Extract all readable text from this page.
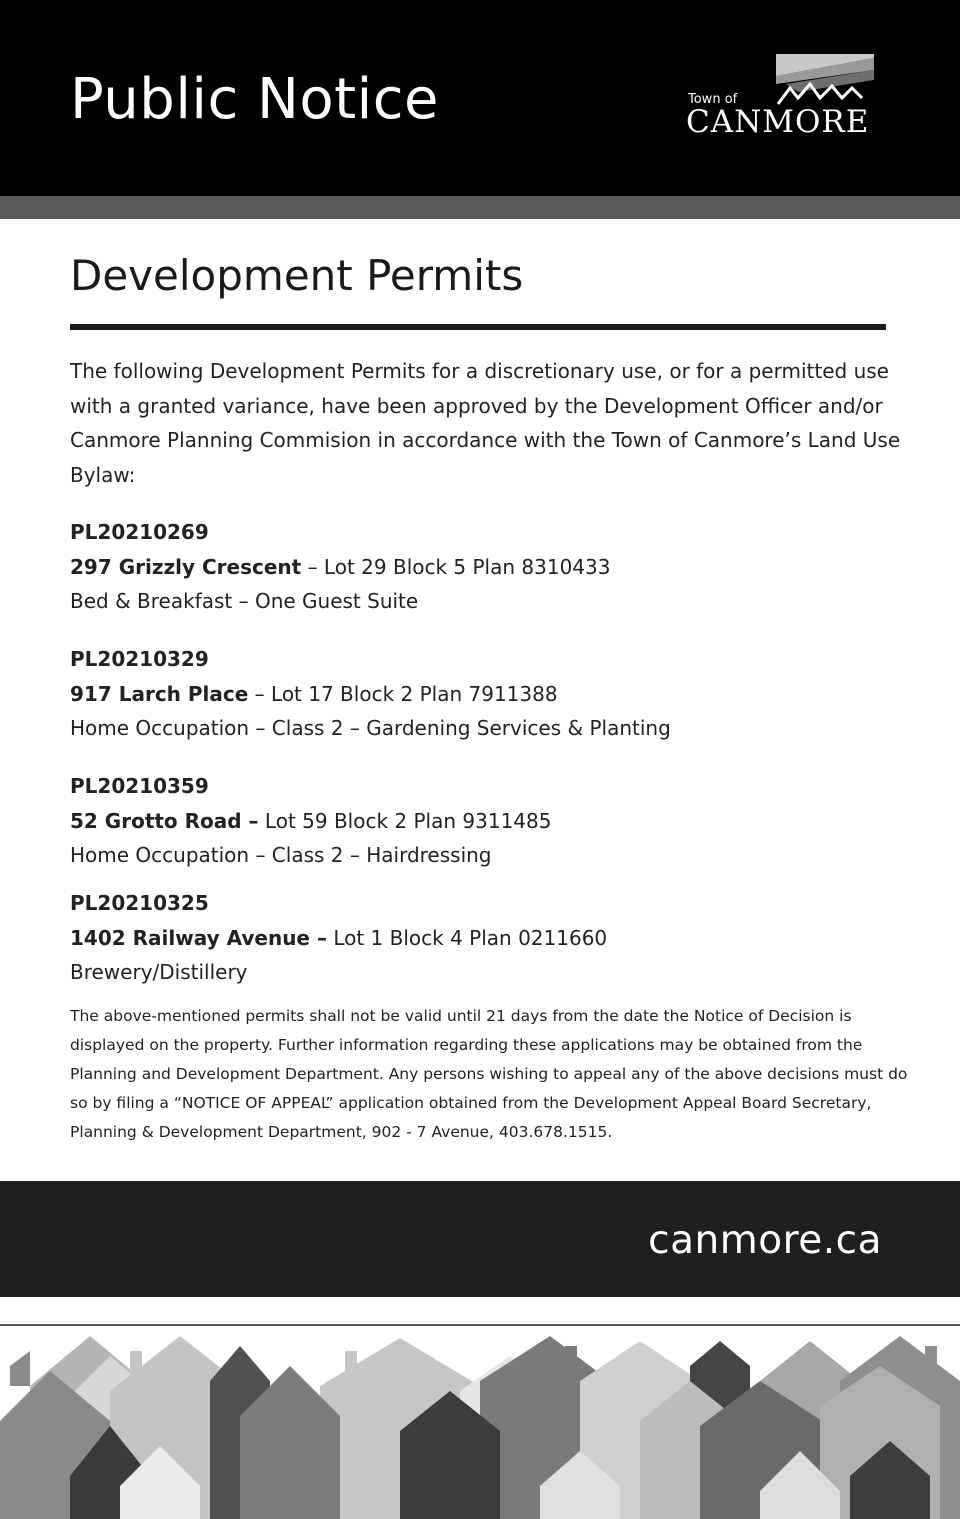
Public Notice	Town of
CANMORE
Development Permits

The following Development Permits for a discretionary use, or for a permitted use with a granted variance, have been approved by the Development Officer and/or Canmore Planning Commision in accordance with the Town of Canmore’s Land Use Bylaw:

PL20210269
297 Grizzly Crescent – Lot 29 Block 5 Plan 8310433
Bed & Breakfast – One Guest Suite
PL20210329
917 Larch Place – Lot 17 Block 2 Plan 7911388
Home Occupation – Class 2 – Gardening Services & Planting
PL20210359
52 Grotto Road – Lot 59 Block 2 Plan 9311485
Home Occupation – Class 2 – Hairdressing
PL20210325
1402 Railway Avenue – Lot 1 Block 4 Plan 0211660
Brewery/Distillery

The above-mentioned permits shall not be valid until 21 days from the date the Notice of Decision is displayed on the property. Further information regarding these applications may be obtained from the Planning and Development Department. Any persons wishing to appeal any of the above decisions must do so by filing a “NOTICE OF APPEAL” application obtained from the Development Appeal Board Secretary, Planning & Development Department, 902 - 7 Avenue, 403.678.1515.

canmore.ca
